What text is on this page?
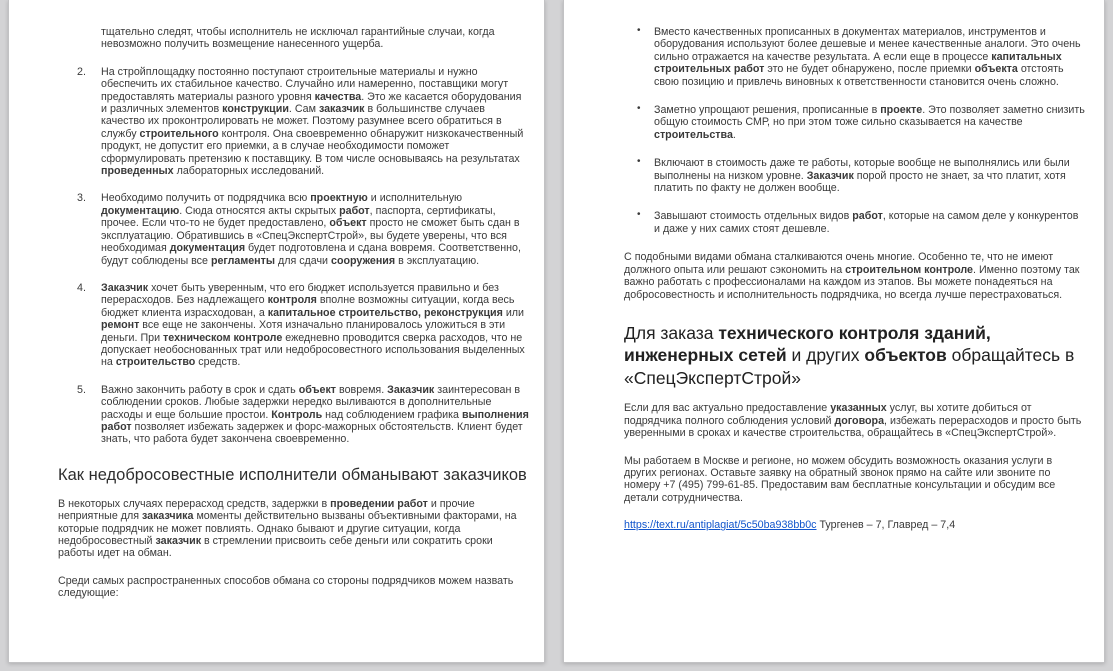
тщательно следят, чтобы исполнитель не исключал гарантийные случаи, когда невозможно получить возмещение нанесенного ущерба.
2. На стройплощадку постоянно поступают строительные материалы и нужно обеспечить их стабильное качество. Случайно или намеренно, поставщики могут предоставлять материалы разного уровня качества. Это же касается оборудования и различных элементов конструкции. Сам заказчик в большинстве случаев качество их проконтролировать не может. Поэтому разумнее всего обратиться в службу строительного контроля. Она своевременно обнаружит низкокачественный продукт, не допустит его приемки, а в случае необходимости поможет сформулировать претензию к поставщику. В том числе основываясь на результатах проведенных лабораторных исследований.
3. Необходимо получить от подрядчика всю проектную и исполнительную документацию. Сюда относятся акты скрытых работ, паспорта, сертификаты, прочее. Если что-то не будет предоставлено, объект просто не сможет быть сдан в эксплуатацию. Обратившись в «СпецЭкспертСтрой», вы будете уверены, что вся необходимая документация будет подготовлена и сдана вовремя. Соответственно, будут соблюдены все регламенты для сдачи сооружения в эксплуатацию.
4. Заказчик хочет быть уверенным, что его бюджет используется правильно и без перерасходов. Без надлежащего контроля вполне возможны ситуации, когда весь бюджет клиента израсходован, а капитальное строительство, реконструкция или ремонт все еще не закончены. Хотя изначально планировалось уложиться в эти деньги. При техническом контроле ежедневно проводится сверка расходов, что не допускает необоснованных трат или недобросовестного использования выделенных на строительство средств.
5. Важно закончить работу в срок и сдать объект вовремя. Заказчик заинтересован в соблюдении сроков. Любые задержки нередко выливаются в дополнительные расходы и еще большие простои. Контроль над соблюдением графика выполнения работ позволяет избежать задержек и форс-мажорных обстоятельств. Клиент будет знать, что работа будет закончена своевременно.
Как недобросовестные исполнители обманывают заказчиков

В некоторых случаях перерасход средств, задержки в проведении работ и прочие неприятные для заказчика моменты действительно вызваны объективными факторами, на которые подрядчик не может повлиять. Однако бывают и другие ситуации, когда недобросовестный заказчик в стремлении присвоить себе деньги или сократить сроки работы идет на обман.

Среди самых распространенных способов обмана со стороны подрядчиков можем назвать следующие:

• Вместо качественных прописанных в документах материалов, инструментов и оборудования используют более дешевые и менее качественные аналоги. Это очень сильно отражается на качестве результата. А если еще в процессе капитальных строительных работ это не будет обнаружено, после приемки объекта отстоять свою позицию и привлечь виновных к ответственности становится очень сложно.
• Заметно упрощают решения, прописанные в проекте. Это позволяет заметно снизить общую стоимость СМР, но при этом тоже сильно сказывается на качестве строительства.
• Включают в стоимость даже те работы, которые вообще не выполнялись или были выполнены на низком уровне. Заказчик порой просто не знает, за что платит, хотя платить по факту не должен вообще.
• Завышают стоимость отдельных видов работ, которые на самом деле у конкурентов и даже у них самих стоят дешевле.

С подобными видами обмана сталкиваются очень многие. Особенно те, что не имеют должного опыта или решают сэкономить на строительном контроле. Именно поэтому так важно работать с профессионалами на каждом из этапов. Вы можете понадеяться на добросовестность и исполнительность подрядчика, но всегда лучше перестраховаться.

Для заказа технического контроля зданий, инженерных сетей и других объектов обращайтесь в «СпецЭкспертСтрой»

Если для вас актуально предоставление указанных услуг, вы хотите добиться от подрядчика полного соблюдения условий договора, избежать перерасходов и просто быть уверенными в сроках и качестве строительства, обращайтесь в «СпецЭкспертСтрой».

Мы работаем в Москве и регионе, но можем обсудить возможность оказания услуги в других регионах. Оставьте заявку на обратный звонок прямо на сайте или звоните по номеру +7 (495) 799-61-85. Предоставим вам бесплатные консультации и обсудим все детали сотрудничества.

https://text.ru/antiplagiat/5c50ba938bb0c Тургенев – 7, Главред – 7,4
